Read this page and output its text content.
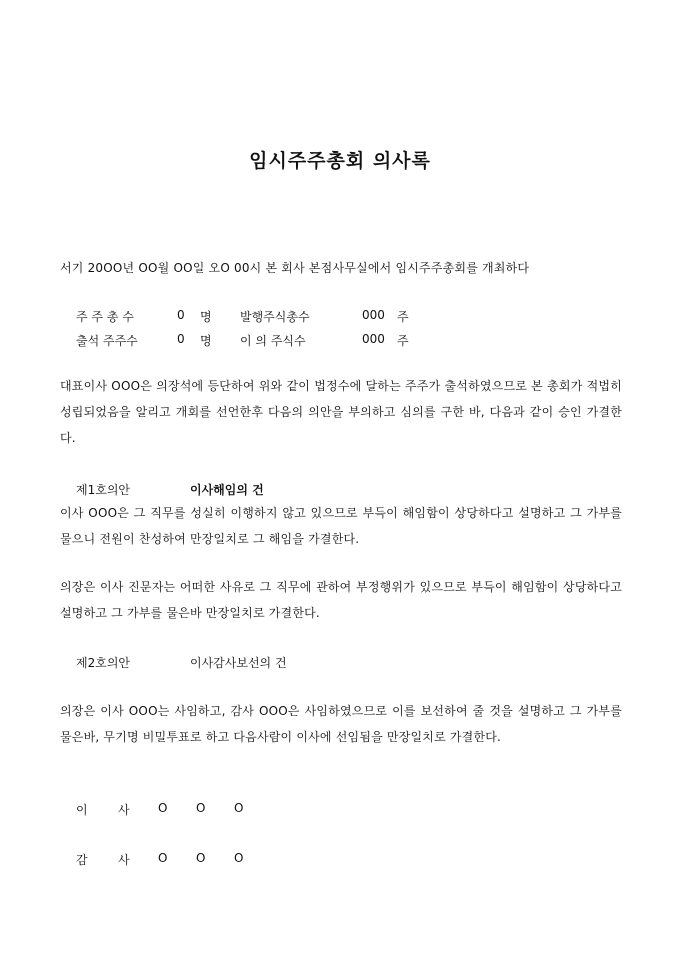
임시주주총회 의사록
서기 20OO년 OO월 OO일 오O 00시 본 회사 본점사무실에서 임시주주총회를 개최하다
주 주 총 수	0 명 발행주식총수	000 주
출석 주주수	0 명 이 의 주식수	000 주
대표이사 OOO은 의장석에 등단하여 위와 같이 법정수에 달하는 주주가 출석하였으므로 본 총회가 적법히 성립되었음을 알리고 개회를 선언한후 다음의 의안을 부의하고 심의를 구한 바, 다음과 같이 승인 가결한다.
제1호의안	이사해임의 건
이사 OOO은 그 직무를 성실히 이행하지 않고 있으므로 부득이 해임함이 상당하다고 설명하고 그 가부를 물으니 전원이 찬성하여 만장일치로 그 해임을 가결한다.
의장은 이사 진문자는 어떠한 사유로 그 직무에 관하여 부정행위가 있으므로 부득이 해임함이 상당하다고 설명하고 그 가부를 물은바 만장일치로 가결한다.
제2호의안	이사감사보선의 건
의장은 이사 OOO는 사임하고, 감사 OOO은 사임하였으므로 이를 보선하여 줄 것을 설명하고 그 가부를 물은바, 무기명 비밀투표로 하고 다음사람이 이사에 선임됨을 만장일치로 가결한다.
이	사 O O O
감	사 O O O
